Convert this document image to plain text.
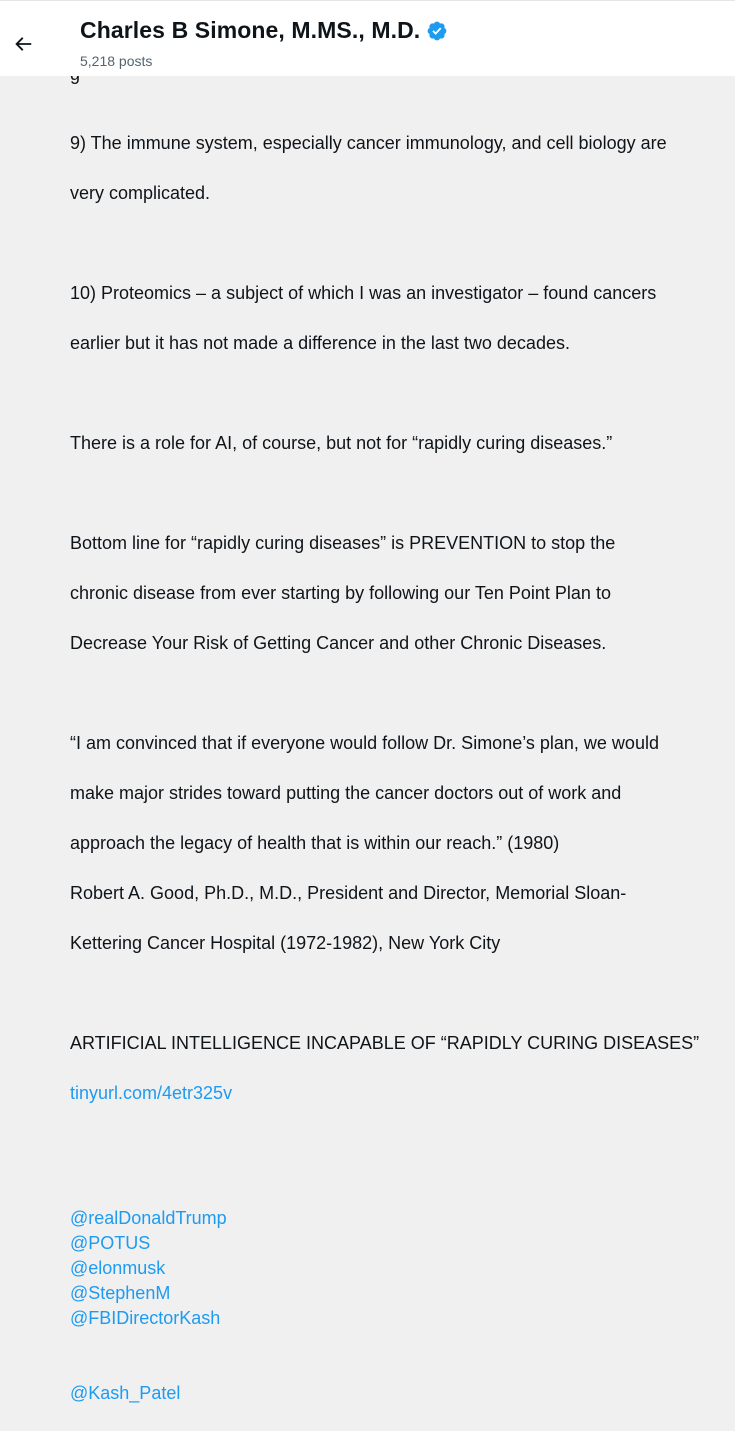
Charles B Simone, M.MS., M.D.
5,218 posts

9) The immune system, especially cancer immunology, and cell biology are

very complicated.

10) Proteomics – a subject of which I was an investigator – found cancers

earlier but it has not made a difference in the last two decades.

There is a role for AI, of course, but not for “rapidly curing diseases.”

Bottom line for “rapidly curing diseases” is PREVENTION to stop the

chronic disease from ever starting by following our Ten Point Plan to

Decrease Your Risk of Getting Cancer and other Chronic Diseases.

“I am convinced that if everyone would follow Dr. Simone’s plan, we would

make major strides toward putting the cancer doctors out of work and

approach the legacy of health that is within our reach.” (1980)

Robert A. Good, Ph.D., M.D., President and Director, Memorial Sloan-

Kettering Cancer Hospital (1972-1982), New York City

ARTIFICIAL INTELLIGENCE INCAPABLE OF “RAPIDLY CURING DISEASES”

tinyurl.com/4etr325v

@realDonaldTrump
@POTUS
@elonmusk
@StephenM
@FBIDirectorKash

@Kash_Patel
